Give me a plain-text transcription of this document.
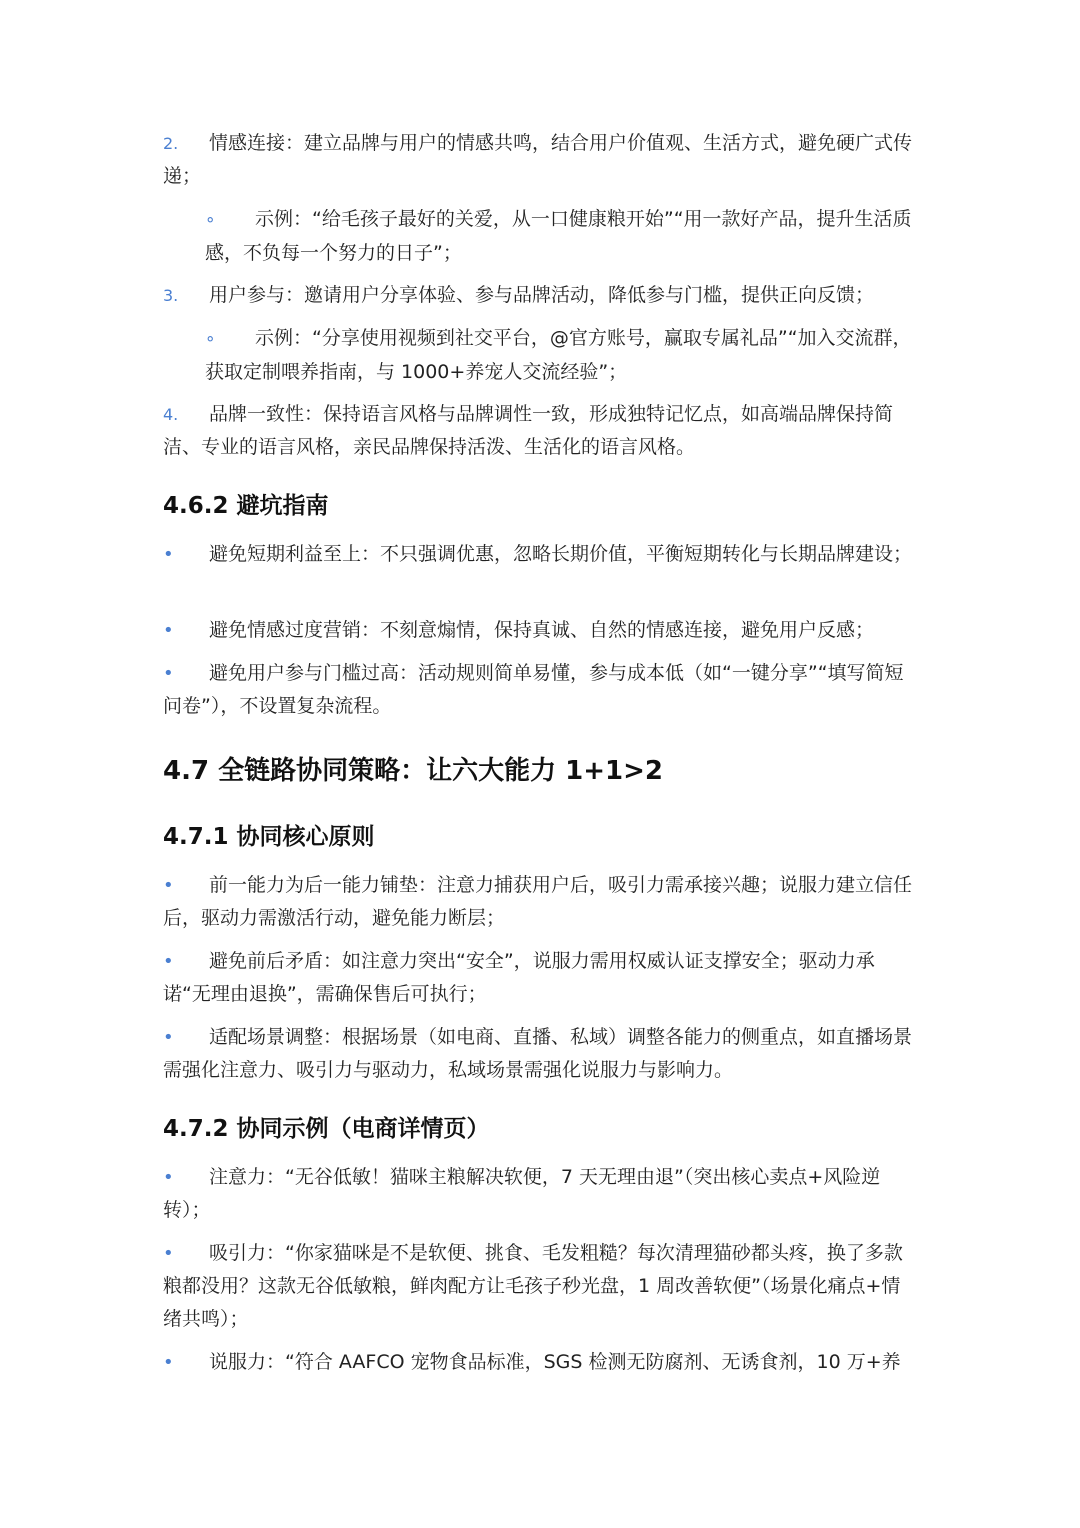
2. 情感连接：建立品牌与用户的情感共鸣，结合用户价值观、生活方式，避免硬广式传递；
∘ 示例：“给毛孩子最好的关爱，从一口健康粮开始”“用一款好产品，提升生活质感，不负每一个努力的日子”；
3. 用户参与：邀请用户分享体验、参与品牌活动，降低参与门槛，提供正向反馈；
∘ 示例：“分享使用视频到社交平台，@官方账号，赢取专属礼品”“加入交流群，获取定制喂养指南，与 1000+养宠人交流经验”；
4. 品牌一致性：保持语言风格与品牌调性一致，形成独特记忆点，如高端品牌保持简洁、专业的语言风格，亲民品牌保持活泼、生活化的语言风格。
4.6.2 避坑指南
• 避免短期利益至上：不只强调优惠，忽略长期价值，平衡短期转化与长期品牌建设；
• 避免情感过度营销：不刻意煽情，保持真诚、自然的情感连接，避免用户反感；
• 避免用户参与门槛过高：活动规则简单易懂，参与成本低（如“一键分享”“填写简短问卷”），不设置复杂流程。
4.7 全链路协同策略：让六大能力 1+1>2
4.7.1 协同核心原则
• 前一能力为后一能力铺垫：注意力捕获用户后，吸引力需承接兴趣；说服力建立信任后，驱动力需激活行动，避免能力断层；
• 避免前后矛盾：如注意力突出“安全”，说服力需用权威认证支撑安全；驱动力承诺“无理由退换”，需确保售后可执行；
• 适配场景调整：根据场景（如电商、直播、私域）调整各能力的侧重点，如直播场景需强化注意力、吸引力与驱动力，私域场景需强化说服力与影响力。
4.7.2 协同示例（电商详情页）
• 注意力：“无谷低敏！猫咪主粮解决软便，7 天无理由退”（突出核心卖点+风险逆转）；
• 吸引力：“你家猫咪是不是软便、挑食、毛发粗糙？每次清理猫砂都头疼，换了多款粮都没用？这款无谷低敏粮，鲜肉配方让毛孩子秒光盘，1 周改善软便”（场景化痛点+情绪共鸣）；
• 说服力：“符合 AAFCO 宠物食品标准，SGS 检测无防腐剂、无诱食剂，10 万+养
